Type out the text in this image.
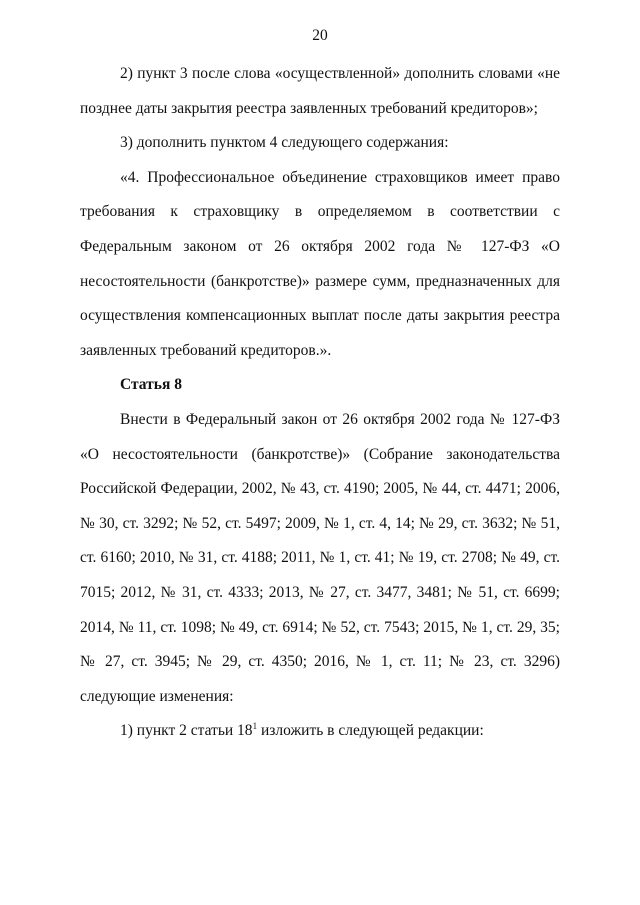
20

2) пункт 3 после слова «осуществленной» дополнить словами «не позднее даты закрытия реестра заявленных требований кредиторов»;

3) дополнить пунктом 4 следующего содержания:

«4. Профессиональное объединение страховщиков имеет право требования к страховщику в определяемом в соответствии с Федеральным законом от 26 октября 2002 года № 127-ФЗ «О несостоятельности (банкротстве)» размере сумм, предназначенных для осуществления компенсационных выплат после даты закрытия реестра заявленных требований кредиторов.».

Статья 8

Внести в Федеральный закон от 26 октября 2002 года № 127-ФЗ «О несостоятельности (банкротстве)» (Собрание законодательства Российской Федерации, 2002, № 43, ст. 4190; 2005, № 44, ст. 4471; 2006, № 30, ст. 3292; № 52, ст. 5497; 2009, № 1, ст. 4, 14; № 29, ст. 3632; № 51, ст. 6160; 2010, № 31, ст. 4188; 2011, № 1, ст. 41; № 19, ст. 2708; № 49, ст. 7015; 2012, № 31, ст. 4333; 2013, № 27, ст. 3477, 3481; № 51, ст. 6699; 2014, № 11, ст. 1098; № 49, ст. 6914; № 52, ст. 7543; 2015, № 1, ст. 29, 35; № 27, ст. 3945; № 29, ст. 4350; 2016, № 1, ст. 11; № 23, ст. 3296) следующие изменения:

1) пункт 2 статьи $18^1$ изложить в следующей редакции:
